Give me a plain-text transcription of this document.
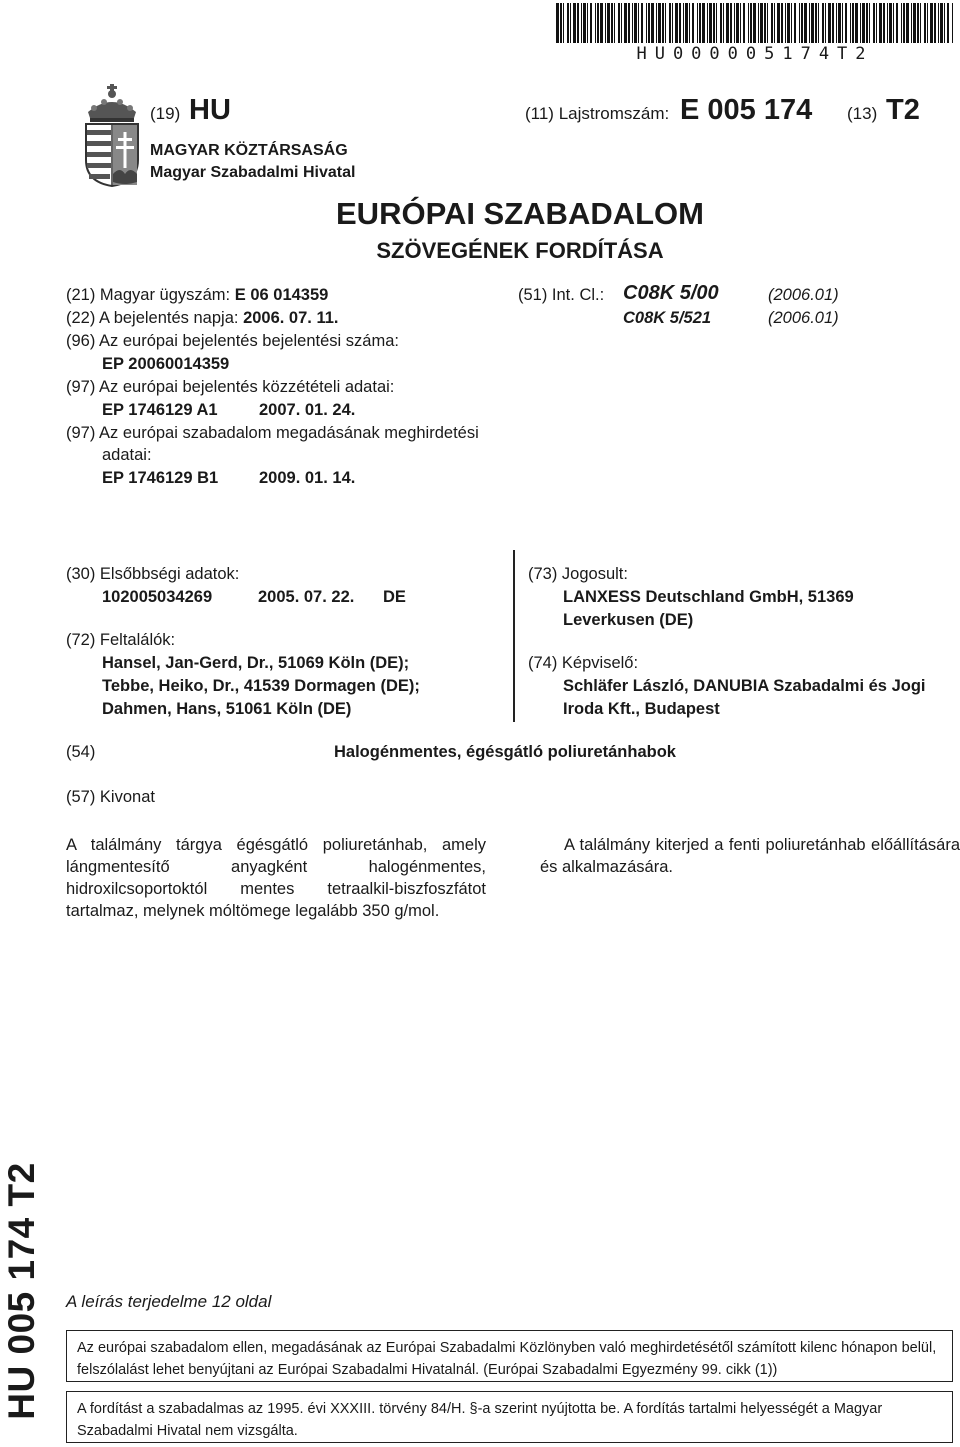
HU000005174T2
(19) HU	(11) Lajstromszám: E 005 174 (13) T2
MAGYAR KÖZTÁRSASÁG
Magyar Szabadalmi Hivatal
EURÓPAI SZABADALOM
SZÖVEGÉNEK FORDÍTÁSA
(21) Magyar ügyszám: E 06 014359
(22) A bejelentés napja: 2006. 07. 11.
(96) Az európai bejelentés bejelentési száma:
EP 20060014359
(97) Az európai bejelentés közzétételi adatai:
EP 1746129 A1	2007. 01. 24.
(97) Az európai szabadalom megadásának meghirdetési
adatai:
EP 1746129 B1 2009. 01. 14.
(51) Int. Cl.: C08K 5/00	(2006.01)
C08K 5/521	(2006.01)
(30) Elsőbbségi adatok:
102005034269	2005. 07. 22. DE
(72) Feltalálók:
Hansel, Jan-Gerd, Dr., 51069 Köln (DE);
Tebbe, Heiko, Dr., 41539 Dormagen (DE);
Dahmen, Hans, 51061 Köln (DE)
(73) Jogosult:
LANXESS Deutschland GmbH, 51369
Leverkusen (DE)
(74) Képviselő:
Schläfer László, DANUBIA Szabadalmi és Jogi
Iroda Kft., Budapest
(54)	Halogénmentes, égésgátló poliuretánhabok
(57) Kivonat
A találmány tárgya égésgátló poliuretánhab, amely lángmentesítő anyagként halogénmentes, hidroxilcsoportoktól mentes tetraalkil-biszfoszfátot tartalmaz, melynek móltömege legalább 350 g/mol.
A találmány kiterjed a fenti poliuretánhab előállítására és alkalmazására.
HU 005 174 T2 A leírás terjedelme 12 oldal
Az európai szabadalom ellen, megadásának az Európai Szabadalmi Közlönyben való meghirdetésétől számított kilenc hónapon belül, felszólalást lehet benyújtani az Európai Szabadalmi Hivatalnál. (Európai Szabadalmi Egyezmény 99. cikk (1))
A fordítást a szabadalmas az 1995. évi XXXIII. törvény 84/H. §-a szerint nyújtotta be. A fordítás tartalmi helyességét a Magyar Szabadalmi Hivatal nem vizsgálta.
